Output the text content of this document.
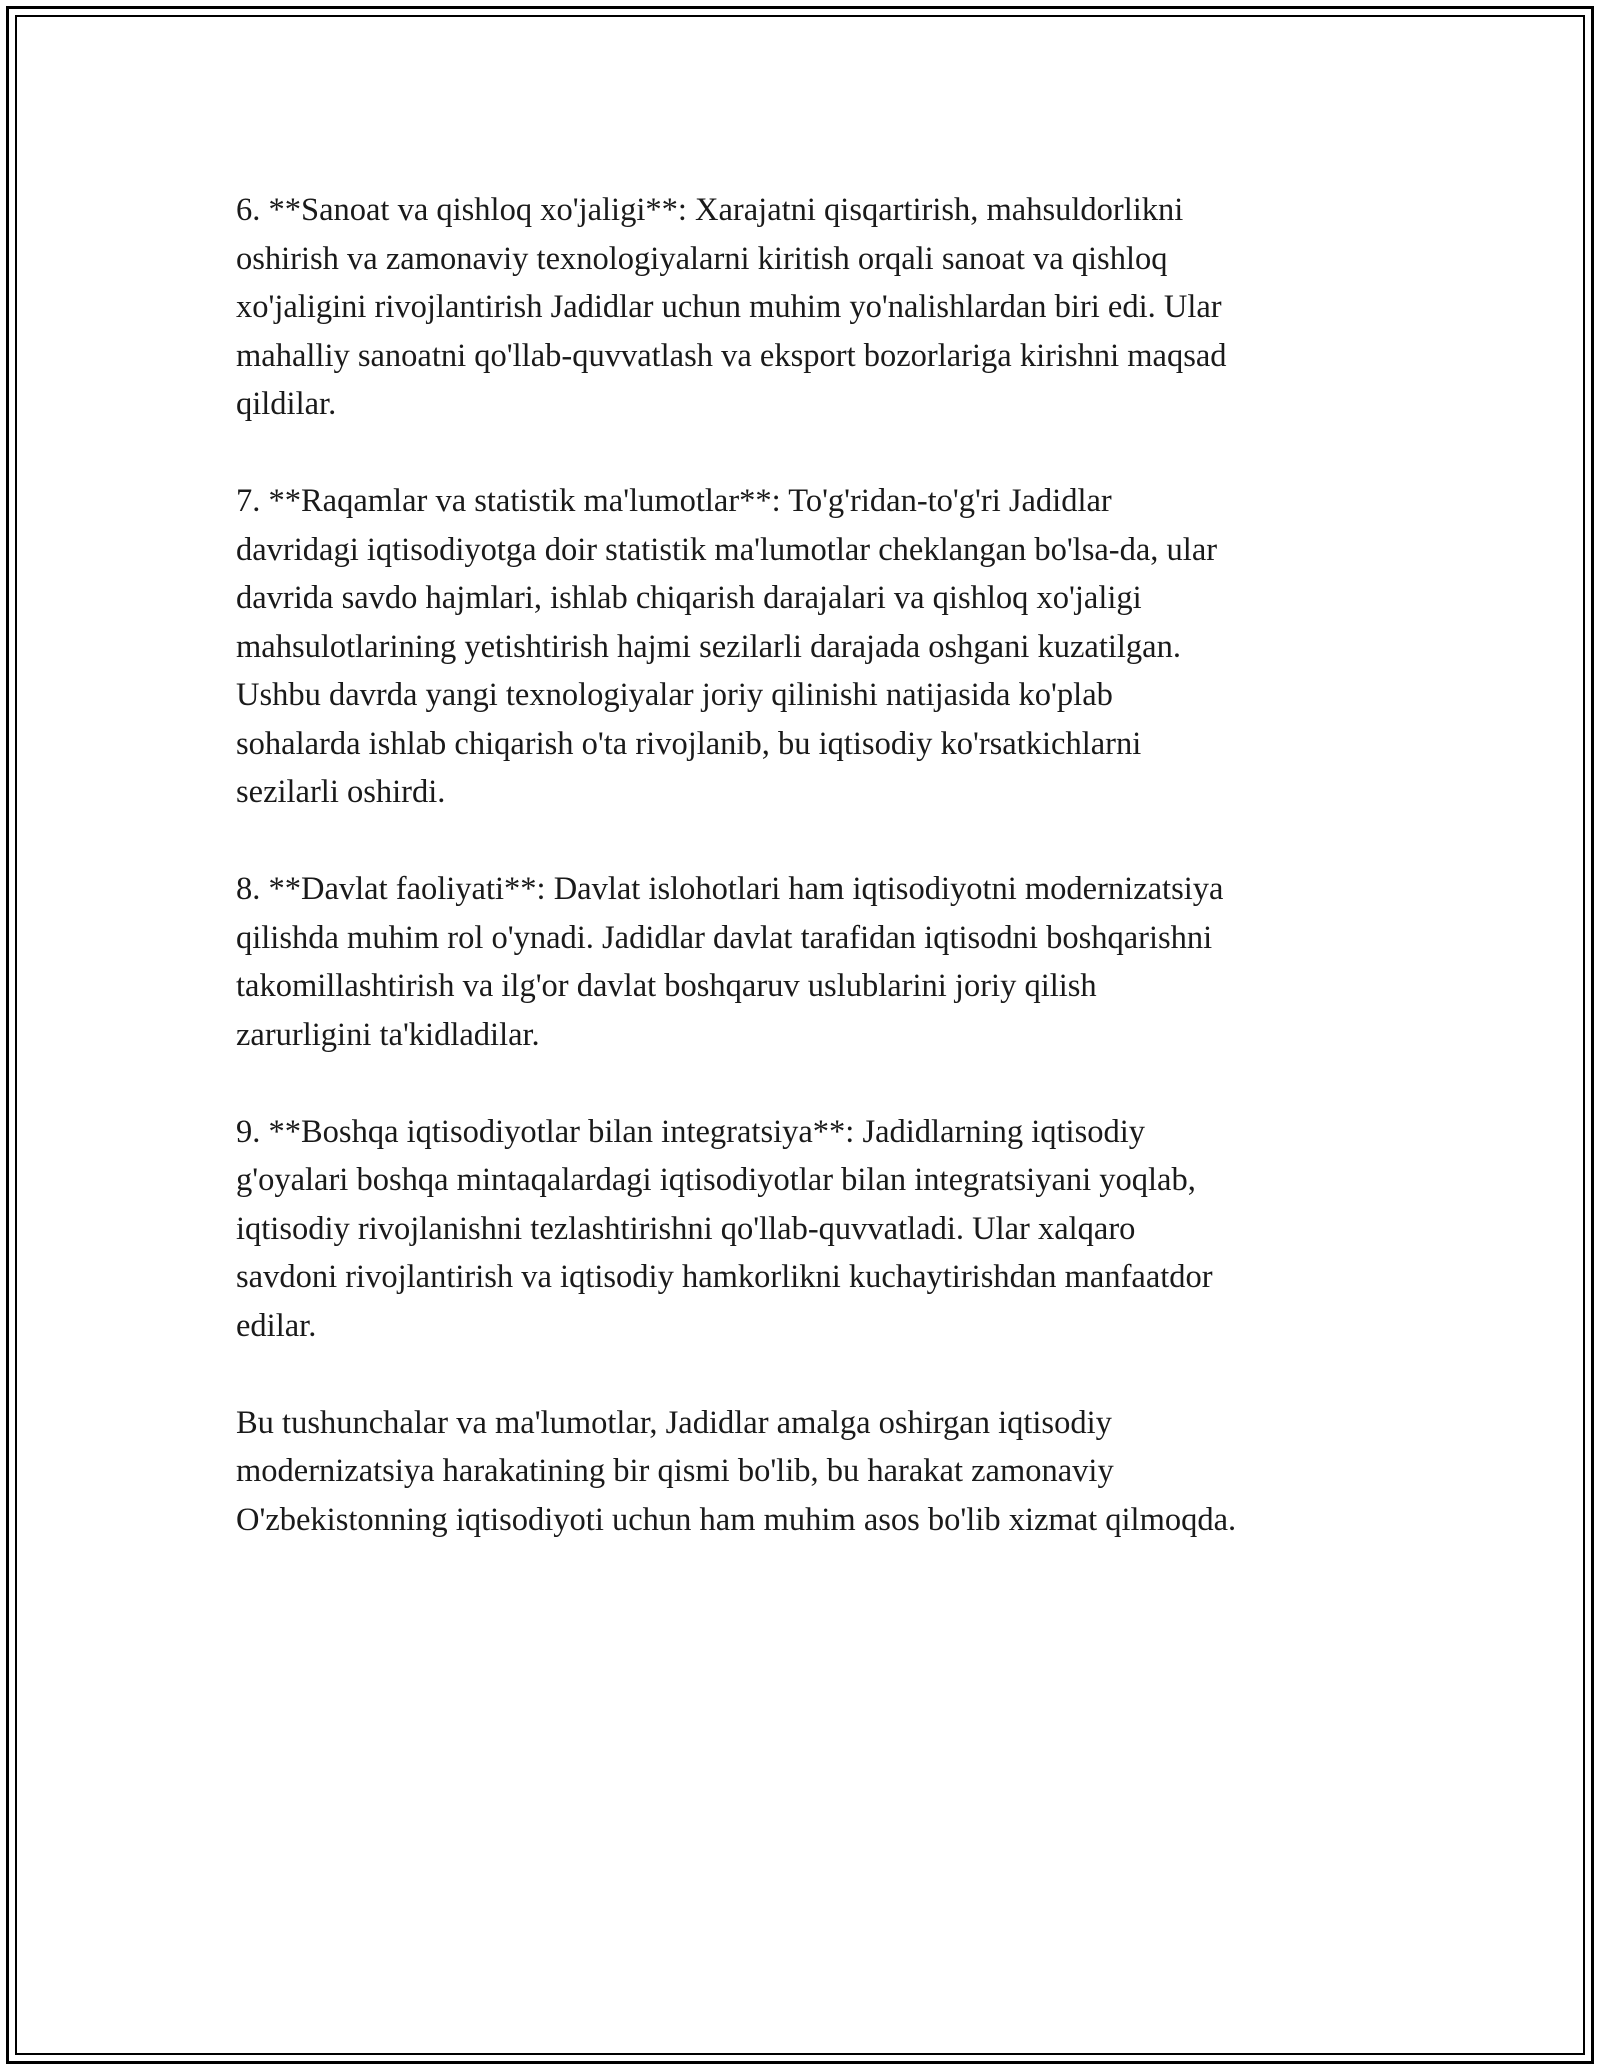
6. **Sanoat va qishloq xo'jaligi**: Xarajatni qisqartirish, mahsuldorlikni
oshirish va zamonaviy texnologiyalarni kiritish orqali sanoat va qishloq
xo'jaligini rivojlantirish Jadidlar uchun muhim yo'nalishlardan biri edi. Ular
mahalliy sanoatni qo'llab-quvvatlash va eksport bozorlariga kirishni maqsad
qildilar.

7. **Raqamlar va statistik ma'lumotlar**: To'g'ridan-to'g'ri Jadidlar
davridagi iqtisodiyotga doir statistik ma'lumotlar cheklangan bo'lsa-da, ular
davrida savdo hajmlari, ishlab chiqarish darajalari va qishloq xo'jaligi
mahsulotlarining yetishtirish hajmi sezilarli darajada oshgani kuzatilgan.
Ushbu davrda yangi texnologiyalar joriy qilinishi natijasida ko'plab
sohalarda ishlab chiqarish o'ta rivojlanib, bu iqtisodiy ko'rsatkichlarni
sezilarli oshirdi.

8. **Davlat faoliyati**: Davlat islohotlari ham iqtisodiyotni modernizatsiya
qilishda muhim rol o'ynadi. Jadidlar davlat tarafidan iqtisodni boshqarishni
takomillashtirish va ilg'or davlat boshqaruv uslublarini joriy qilish
zarurligini ta'kidladilar.

9. **Boshqa iqtisodiyotlar bilan integratsiya**: Jadidlarning iqtisodiy
g'oyalari boshqa mintaqalardagi iqtisodiyotlar bilan integratsiyani yoqlab,
iqtisodiy rivojlanishni tezlashtirishni qo'llab-quvvatladi. Ular xalqaro
savdoni rivojlantirish va iqtisodiy hamkorlikni kuchaytirishdan manfaatdor
edilar.

Bu tushunchalar va ma'lumotlar, Jadidlar amalga oshirgan iqtisodiy
modernizatsiya harakatining bir qismi bo'lib, bu harakat zamonaviy
O'zbekistonning iqtisodiyoti uchun ham muhim asos bo'lib xizmat qilmoqda.
